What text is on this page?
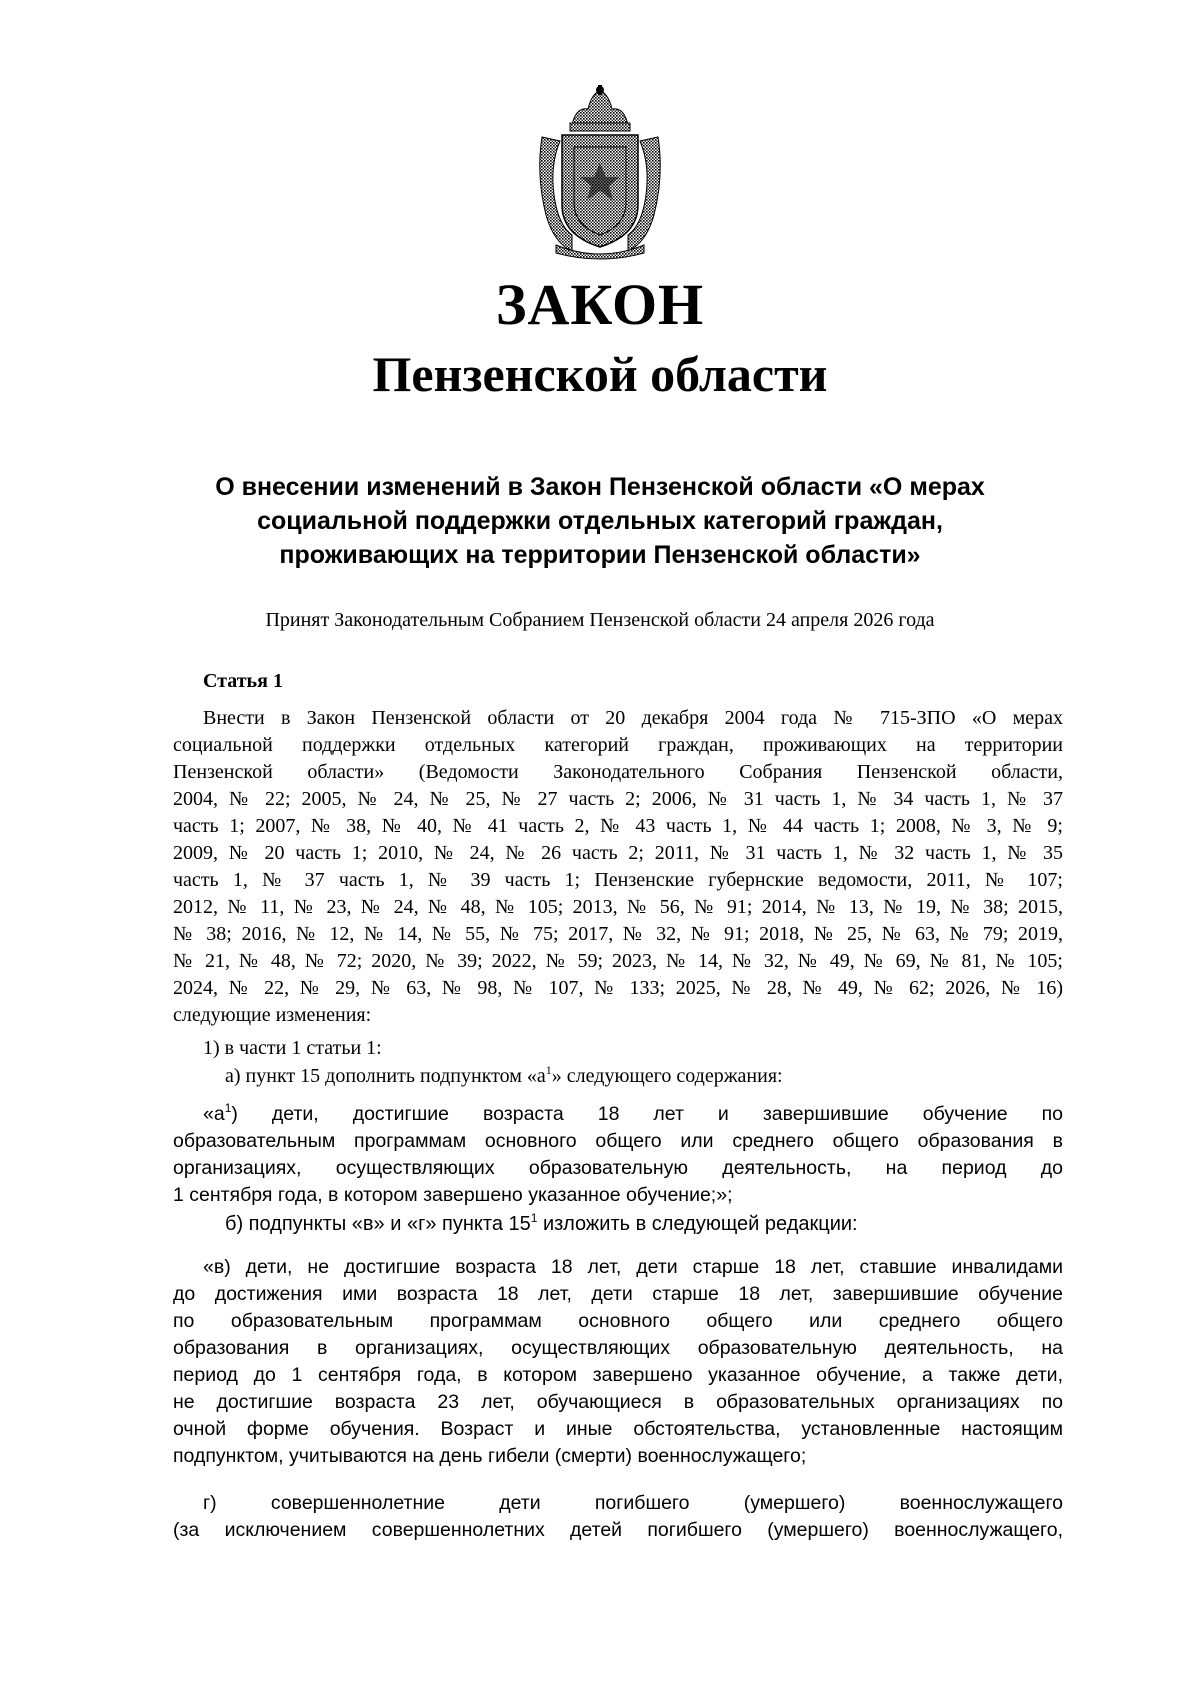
ЗАКОН
Пензенской области
О внесении изменений в Закон Пензенской области «О мерах
социальной поддержки отдельных категорий граждан,
проживающих на территории Пензенской области»
Принят Законодательным Собранием Пензенской области 24 апреля 2026 года
Статья 1
Внести в Закон Пензенской области от 20 декабря 2004 года № 715-ЗПО «О мерах
социальной поддержки отдельных категорий граждан, проживающих на территории
Пензенской области» (Ведомости Законодательного Собрания Пензенской области,
2004, № 22; 2005, № 24, № 25, № 27 часть 2; 2006, № 31 часть 1, № 34 часть 1, № 37
часть 1; 2007, № 38, № 40, № 41 часть 2, № 43 часть 1, № 44 часть 1; 2008, № 3, № 9;
2009, № 20 часть 1; 2010, № 24, № 26 часть 2; 2011, № 31 часть 1, № 32 часть 1, № 35
часть 1, № 37 часть 1, № 39 часть 1; Пензенские губернские ведомости, 2011, № 107;
2012, № 11, № 23, № 24, № 48, № 105; 2013, № 56, № 91; 2014, № 13, № 19, № 38; 2015,
№ 38; 2016, № 12, № 14, № 55, № 75; 2017, № 32, № 91; 2018, № 25, № 63, № 79; 2019,
№ 21, № 48, № 72; 2020, № 39; 2022, № 59; 2023, № 14, № 32, № 49, № 69, № 81, № 105;
2024, № 22, № 29, № 63, № 98, № 107, № 133; 2025, № 28, № 49, № 62; 2026, № 16)
следующие изменения:
1) в части 1 статьи 1:
а) пункт 15 дополнить подпунктом «$а^1$» следующего содержания:
«$а^1$) дети, достигшие возраста 18 лет и завершившие обучение по
образовательным программам основного общего или среднего общего образования в
организациях, осуществляющих образовательную деятельность, на период до
1 сентября года, в котором завершено указанное обучение;»;
б) подпункты «в» и «г» пункта $15^1$ изложить в следующей редакции:
«в) дети, не достигшие возраста 18 лет, дети старше 18 лет, ставшие инвалидами
до достижения ими возраста 18 лет, дети старше 18 лет, завершившие обучение
по образовательным программам основного общего или среднего общего
образования в организациях, осуществляющих образовательную деятельность, на
период до 1 сентября года, в котором завершено указанное обучение, а также дети,
не достигшие возраста 23 лет, обучающиеся в образовательных организациях по
очной форме обучения. Возраст и иные обстоятельства, установленные настоящим
подпунктом, учитываются на день гибели (смерти) военнослужащего;
г) совершеннолетние дети погибшего (умершего) военнослужащего
(за исключением совершеннолетних детей погибшего (умершего) военнослужащего,
